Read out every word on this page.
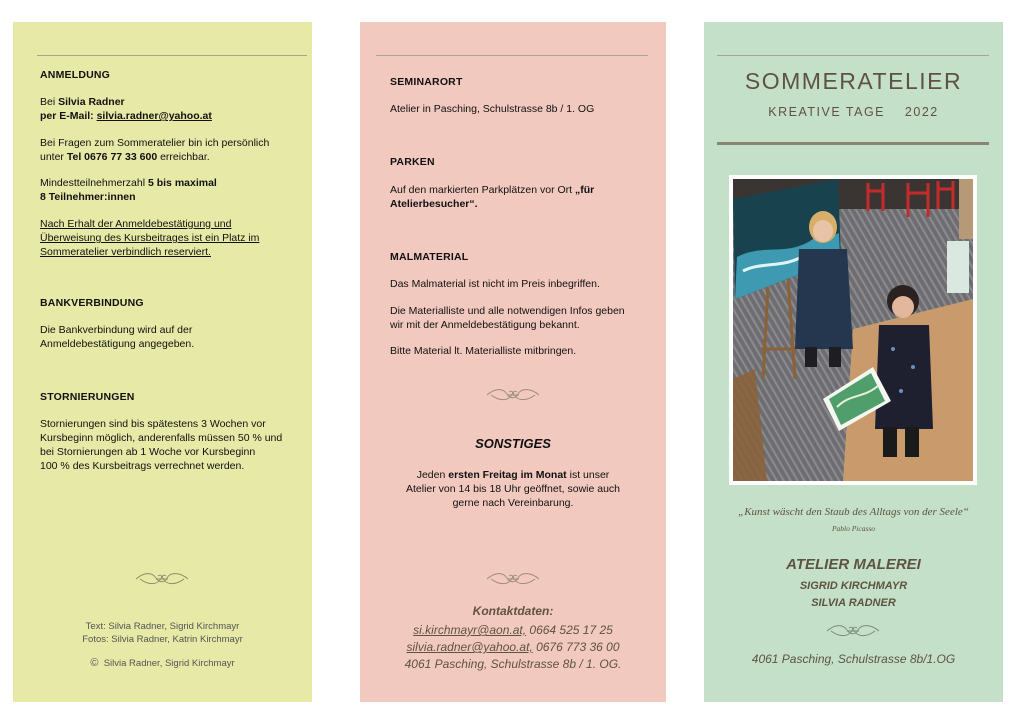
ANMELDUNG
Bei Silvia Radner
per E-Mail: silvia.radner@yahoo.at
Bei Fragen zum Sommeratelier bin ich persönlich
unter Tel 0676 77 33 600 erreichbar.
Mindestteilnehmerzahl 5 bis maximal
8 Teilnehmer:innen
Nach Erhalt der Anmeldebestätigung und
Überweisung des Kursbeitrages ist ein Platz im
Sommeratelier verbindlich reserviert.
BANKVERBINDUNG
Die Bankverbindung wird auf der
Anmeldebestätigung angegeben.
STORNIERUNGEN
Stornierungen sind bis spätestens 3 Wochen vor
Kursbeginn möglich, anderenfalls müssen 50 % und
bei Stornierungen ab 1 Woche vor Kursbeginn
100 % des Kursbeitrags verrechnet werden.
Text: Silvia Radner, Sigrid Kirchmayr
Fotos: Silvia Radner, Katrin Kirchmayr
© Silvia Radner, Sigrid Kirchmayr
SEMINARORT
Atelier in Pasching, Schulstrasse 8b / 1. OG
PARKEN
Auf den markierten Parkplätzen vor Ort „für
Atelierbesucher“.
MALMATERIAL
Das Malmaterial ist nicht im Preis inbegriffen.
Die Materialliste und alle notwendigen Infos geben
wir mit der Anmeldebestätigung bekannt.
Bitte Material lt. Materialliste mitbringen.
SONSTIGES
Jeden ersten Freitag im Monat ist unser
Atelier von 14 bis 18 Uhr geöffnet, sowie auch
gerne nach Vereinbarung.
Kontaktdaten:
si.kirchmayr@aon.at, 0664 525 17 25
silvia.radner@yahoo.at, 0676 773 36 00
4061 Pasching, Schulstrasse 8b / 1. OG.
SOMMERATELIER
KREATIVE TAGE 2022
„Kunst wäscht den Staub des Alltags von der Seele“
Pablo Picasso
ATELIER MALEREI
SIGRID KIRCHMAYR
SILVIA RADNER
4061 Pasching, Schulstrasse 8b/1.OG
